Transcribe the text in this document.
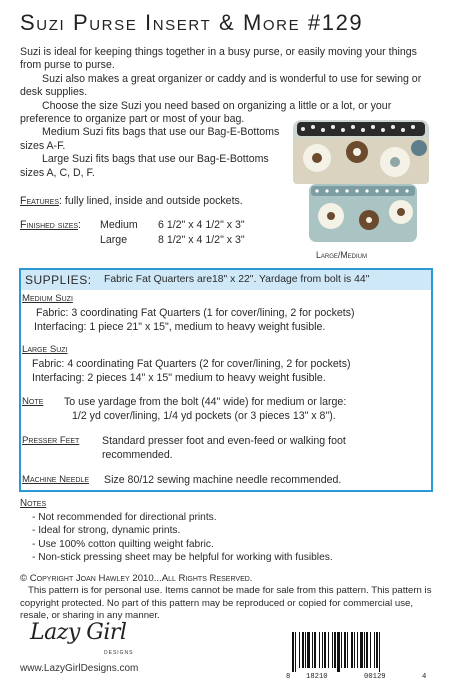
Suzi Purse Insert & More #129

Suzi is ideal for keeping things together in a busy purse, or easily moving your things from purse to purse.

Suzi also makes a great organizer or caddy and is wonderful to use for sewing or desk supplies.

Choose the size Suzi you need based on organizing a little or a lot, or your preference to organize part or most of your bag.

Medium Suzi fits bags that use our Bag-E-Bottoms sizes A-F.

Large Suzi fits bags that use our Bag-E-Bottoms sizes A, C, D, F.

Features: fully lined, inside and outside pockets.
Finished sizes: Medium 6 1/2" x 4 1/2" x 3"
Large	8 1/2" x 4 1/2" x 3"
Large/Medium
SUPPLIES: Fabric Fat Quarters are18" x 22". Yardage from bolt is 44"
Medium Suzi
Fabric: 3 coordinating Fat Quarters (1 for cover/lining, 2 for pockets)
Interfacing: 1 piece 21" x 15", medium to heavy weight fusible.
Large Suzi
Fabric: 4 coordinating Fat Quarters (2 for cover/lining, 2 for pockets)
Interfacing: 2 pieces 14" x 15" medium to heavy weight fusible.
Note To use yardage from the bolt (44" wide) for medium or large:
1/2 yd cover/lining, 1/4 yd pockets (or 3 pieces 13" x 8").
Presser Feet Standard presser foot and even-feed or walking foot
recommended.
Machine Needle Size 80/12 sewing machine needle recommended.
Notes
- Not recommended for directional prints.
- Ideal for strong, dynamic prints.
- Use 100% cotton quilting weight fabric.
- Non-stick pressing sheet may be helpful for working with fusibles.

© Copyright Joan Hawley 2010...All Rights Reserved.

This pattern is for personal use. Items cannot be made for sale from this pattern. This pattern is copyright protected. No part of this pattern may be reproduced or copied for commercial use, resale, or sharing in any manner.

Lazy Girl
DESIGNS
www.LazyGirlDesigns.com
8 18210	00129	4
